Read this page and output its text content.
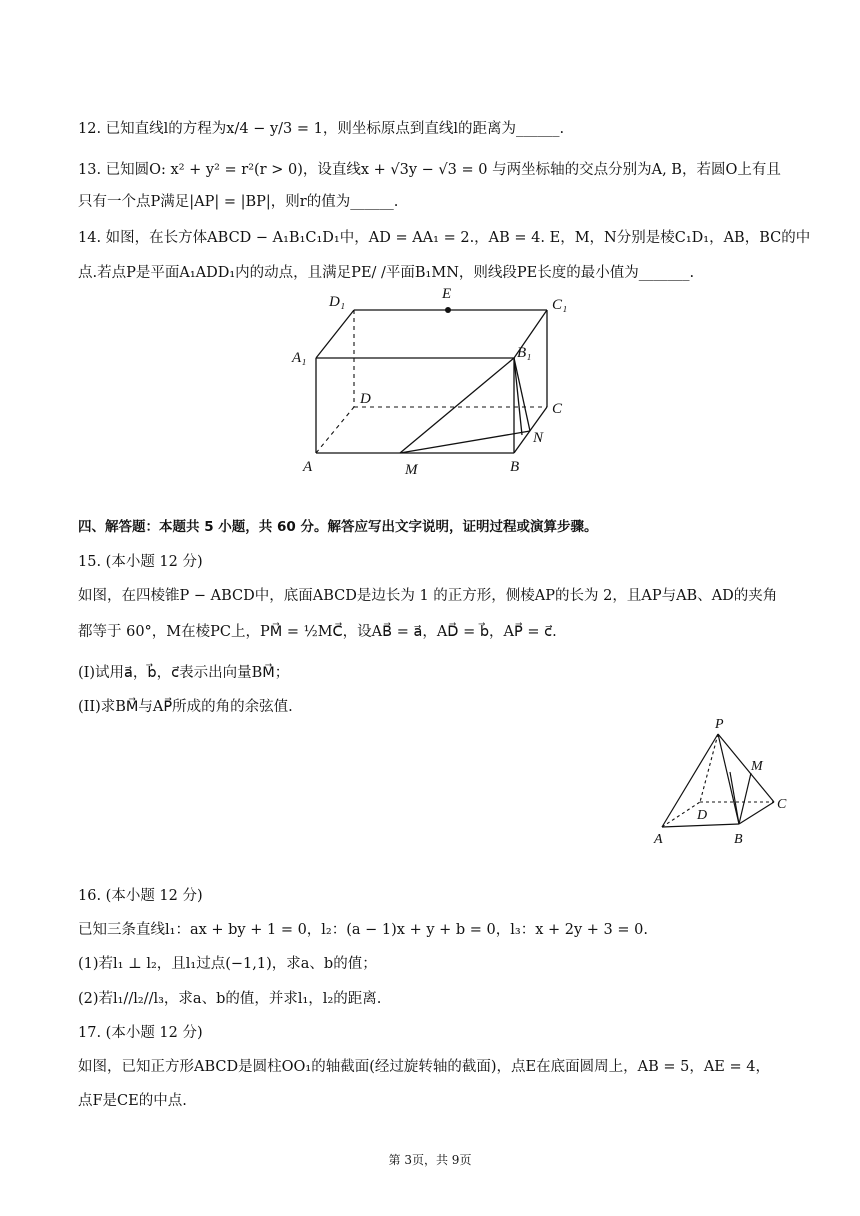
12. 已知直线l的方程为x/4 − y/3 = 1，则坐标原点到直线l的距离为______.
13. 已知圆O: x² + y² = r²(r > 0)，设直线x + √3y − √3 = 0 与两坐标轴的交点分别为A, B，若圆O上有且
只有一个点P满足|AP| = |BP|，则r的值为______.
14. 如图，在长方体ABCD − A₁B₁C₁D₁中，AD = AA₁ = 2.，AB = 4. E，M，N分别是棱C₁D₁，AB，BC的中
点.若点P是平面A₁ADD₁内的动点，且满足PE/ /平面B₁MN，则线段PE长度的最小值为_______.
D₁	E
C₁
A₁	B₁
D
C
N
A	M	B
四、解答题：本题共 5 小题，共 60 分。解答应写出文字说明，证明过程或演算步骤。
15. (本小题 12 分)
如图，在四棱锥P − ABCD中，底面ABCD是边长为 1 的正方形，侧棱AP的长为 2，且AP与AB、AD的夹角
都等于 60°，M在棱PC上，PM⃗ = ½MC⃗，设AB⃗ = a⃗，AD⃗ = b⃗，AP⃗ = c⃗.
(I)试用a⃗，b⃗，c⃗表示出向量BM⃗；
(II)求BM⃗与AP⃗所成的角的余弦值.
P
M
C
D
A	B
16. (本小题 12 分)
已知三条直线l₁：ax + by + 1 = 0，l₂：(a − 1)x + y + b = 0，l₃：x + 2y + 3 = 0.
(1)若l₁ ⊥ l₂，且l₁过点(−1,1)，求a、b的值；
(2)若l₁//l₂//l₃，求a、b的值，并求l₁，l₂的距离.
17. (本小题 12 分)
如图，已知正方形ABCD是圆柱OO₁的轴截面(经过旋转轴的截面)，点E在底面圆周上，AB = 5，AE = 4，
点F是CE的中点.
第 3页，共 9页
